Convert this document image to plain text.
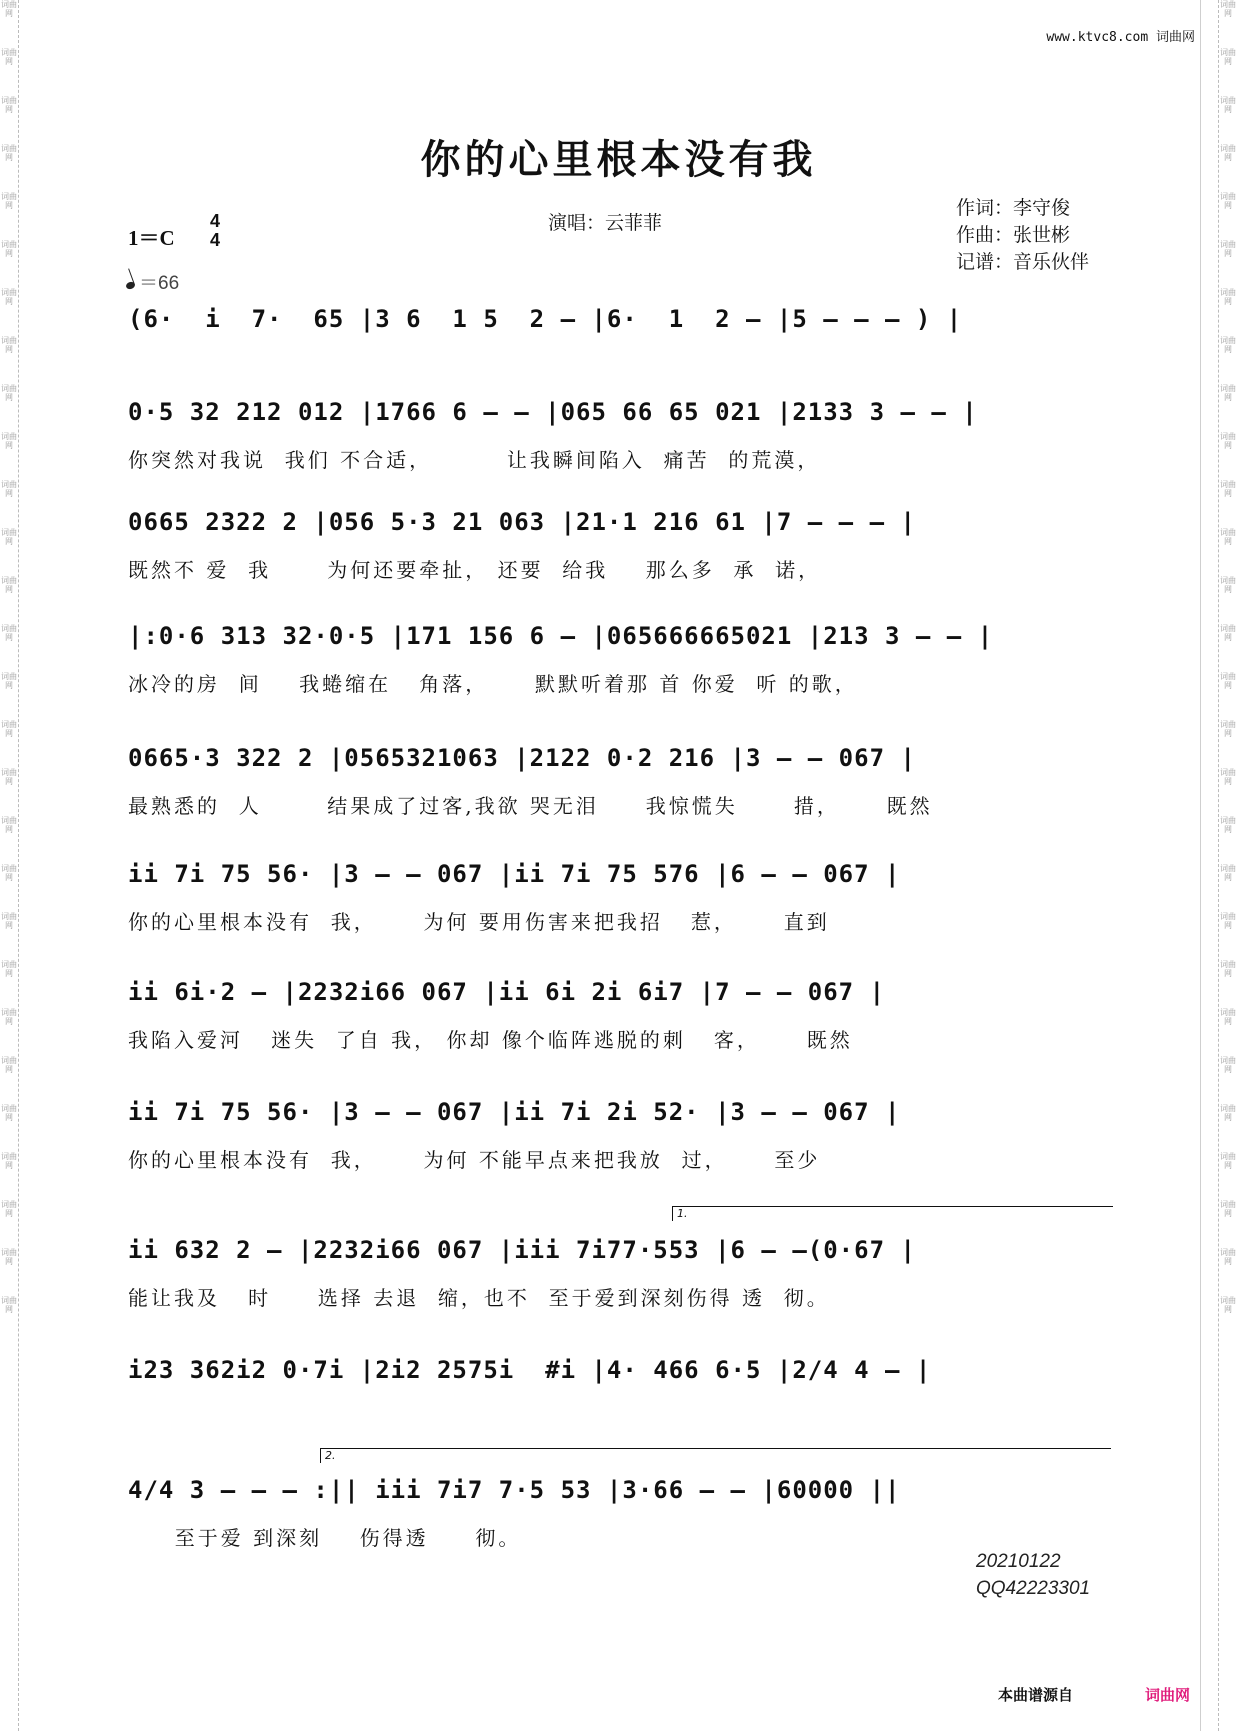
词曲网
词曲网
词曲网
词曲网
词曲网
词曲网
词曲网
词曲网
词曲网
词曲网
词曲网
词曲网
词曲网
词曲网
词曲网
词曲网
词曲网
词曲网
词曲网
词曲网
词曲网
词曲网
词曲网
词曲网
词曲网
词曲网
词曲网
词曲网
词曲网
词曲网
词曲网
词曲网
词曲网
词曲网
词曲网
词曲网
词曲网
词曲网
词曲网
词曲网
词曲网
词曲网
词曲网
词曲网
词曲网
词曲网
词曲网
词曲网
词曲网
词曲网
词曲网
词曲网
词曲网
词曲网
词曲网
词曲网
www.ktvc8.com 词曲网
你的心里根本没有我
演唱：云菲菲
作词：李守俊
作曲：张世彬
记谱：音乐伙伴
1＝C
4
4
＝66
(6·  i  7·  65 |3 6  1 5  2 – |6·  1  2 – |5 – – – ) |
0·5 32 212 012 |1766 6 – – |065 66 65 021 |2133 3 – – |
你突然对我说  我们 不合适，        让我瞬间陷入  痛苦  的荒漠，
0665 2322 2 |056 5·3 21 063 |21·1 216 61 |7 – – – |
既然不 爱  我      为何还要牵扯， 还要  给我    那么多  承  诺，
|:0·6 313 32·0·5 |171 156 6 – |065666665021 |213 3 – – |
冰冷的房  间    我蜷缩在   角落，     默默听着那 首 你爱  听 的歌，
0665·3 322 2 |0565321063 |2122 0·2 216 |3 – – 067 |
最熟悉的  人       结果成了过客,我欲 哭无泪     我惊慌失      措，     既然
ii 7i 75 56· |3 – – 067 |ii 7i 75 576 |6 – – 067 |
你的心里根本没有  我，     为何 要用伤害来把我招   惹，     直到
ii 6i·2 – |2232i66 067 |ii 6i 2i 6i7 |7 – – 067 |
我陷入爱河   迷失  了自 我， 你却 像个临阵逃脱的刺   客，     既然
ii 7i 75 56· |3 – – 067 |ii 7i 2i 52· |3 – – 067 |
你的心里根本没有  我，     为何 不能早点来把我放  过，     至少
1.
ii 632 2 – |2232i66 067 |iii 7i77·553 |6 – –(0·67 |
能让我及   时     选择 去退  缩，也不  至于爱到深刻伤得 透  彻。
i23 362i2 0·7i |2i2 2575i  #i |4· 466 6·5 |2/4 4 – |
2.
4/4 3 – – – :|| iii 7i7 7·5 53 |3·66 – – |60000 ||
至于爱 到深刻    伤得透     彻。
20210122
QQ42223301
本曲谱源自	词曲网
